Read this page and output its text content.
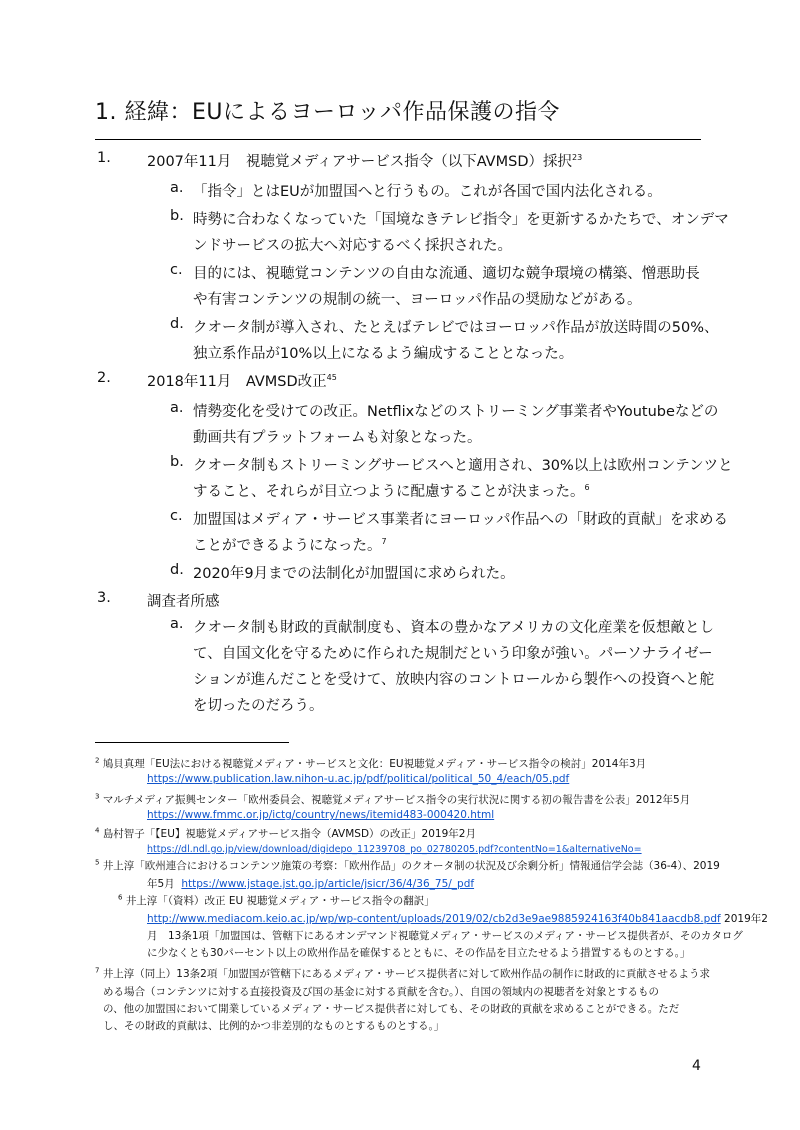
1. 経緯：EUによるヨーロッパ作品保護の指令
1. 2007年11月　視聴覚メディアサービス指令（以下AVMSD）採択$^{23}$
a. 「指令」とはEUが加盟国へと行うもの。これが各国で国内法化される。
b. 時勢に合わなくなっていた「国境なきテレビ指令」を更新するかたちで、オンデマ
ンドサービスの拡大へ対応するべく採択された。
c. 目的には、視聴覚コンテンツの自由な流通、適切な競争環境の構築、憎悪助長
や有害コンテンツの規制の統一、ヨーロッパ作品の奨励などがある。
d. クオータ制が導入され、たとえばテレビではヨーロッパ作品が放送時間の50%、
独立系作品が10%以上になるよう編成することとなった。
2. 2018年11月　AVMSD改正$^{45}$
a. 情勢変化を受けての改正。Netflixなどのストリーミング事業者やYoutubeなどの
動画共有プラットフォームも対象となった。
b. クオータ制もストリーミングサービスへと適用され、30%以上は欧州コンテンツと
すること、それらが目立つように配慮することが決まった。$^6$
c. 加盟国はメディア・サービス事業者にヨーロッパ作品への「財政的貢献」を求める
ことができるようになった。$^7$
d. 2020年9月までの法制化が加盟国に求められた。
3. 調査者所感
a. クオータ制も財政的貢献制度も、資本の豊かなアメリカの文化産業を仮想敵とし
て、自国文化を守るために作られた規制だという印象が強い。パーソナライゼー
ションが進んだことを受けて、放映内容のコントロールから製作への投資へと舵
を切ったのだろう。
$^2$ 鳩貝真理「EU法における視聴覚メディア・サービスと文化：EU視聴覚メディア・サービス指令の検討」2014年3月
https://www.publication.law.nihon-u.ac.jp/pdf/political/political_50_4/each/05.pdf
$^3$ マルチメディア振興センター「欧州委員会、視聴覚メディアサービス指令の実行状況に関する初の報告書を公表」2012年5月
https://www.fmmc.or.jp/ictg/country/news/itemid483-000420.html
$^4$ 島村智子「【EU】視聴覚メディアサービス指令（AVMSD）の改正」2019年2月
https://dl.ndl.go.jp/view/download/digidepo_11239708_po_02780205.pdf?contentNo=1&alternativeNo=
$^5$ 井上淳「欧州連合におけるコンテンツ施策の考察：「欧州作品」のクオータ制の状況及び余剰分析」情報通信学会誌（36-4）、2019
年5月 https://www.jstage.jst.go.jp/article/jsicr/36/4/36_75/_pdf
$^6$ 井上淳「（資料）改正 EU 視聴覚メディア・サービス指令の翻訳」
http://www.mediacom.keio.ac.jp/wp/wp-content/uploads/2019/02/cb2d3e9ae9885924163f40b841aacdb8.pdf 2019年2
月　13条1項「加盟国は、管轄下にあるオンデマンド視聴覚メディア・サービスのメディア・サービス提供者が、そのカタログ
に少なくとも30パーセント以上の欧州作品を確保するとともに、その作品を目立たせるよう措置するものとする。」
$^7$ 井上淳（同上）13条2項「加盟国が管轄下にあるメディア・サービス提供者に対して欧州作品の制作に財政的に貢献させるよう求
める場合（コンテンツに対する直接投資及び国の基金に対する貢献を含む。）、自国の領域内の視聴者を対象とするもの
の、他の加盟国において開業しているメディア・サービス提供者に対しても、その財政的貢献を求めることができる。ただ
し、その財政的貢献は、比例的かつ非差別的なものとするものとする。」
4
